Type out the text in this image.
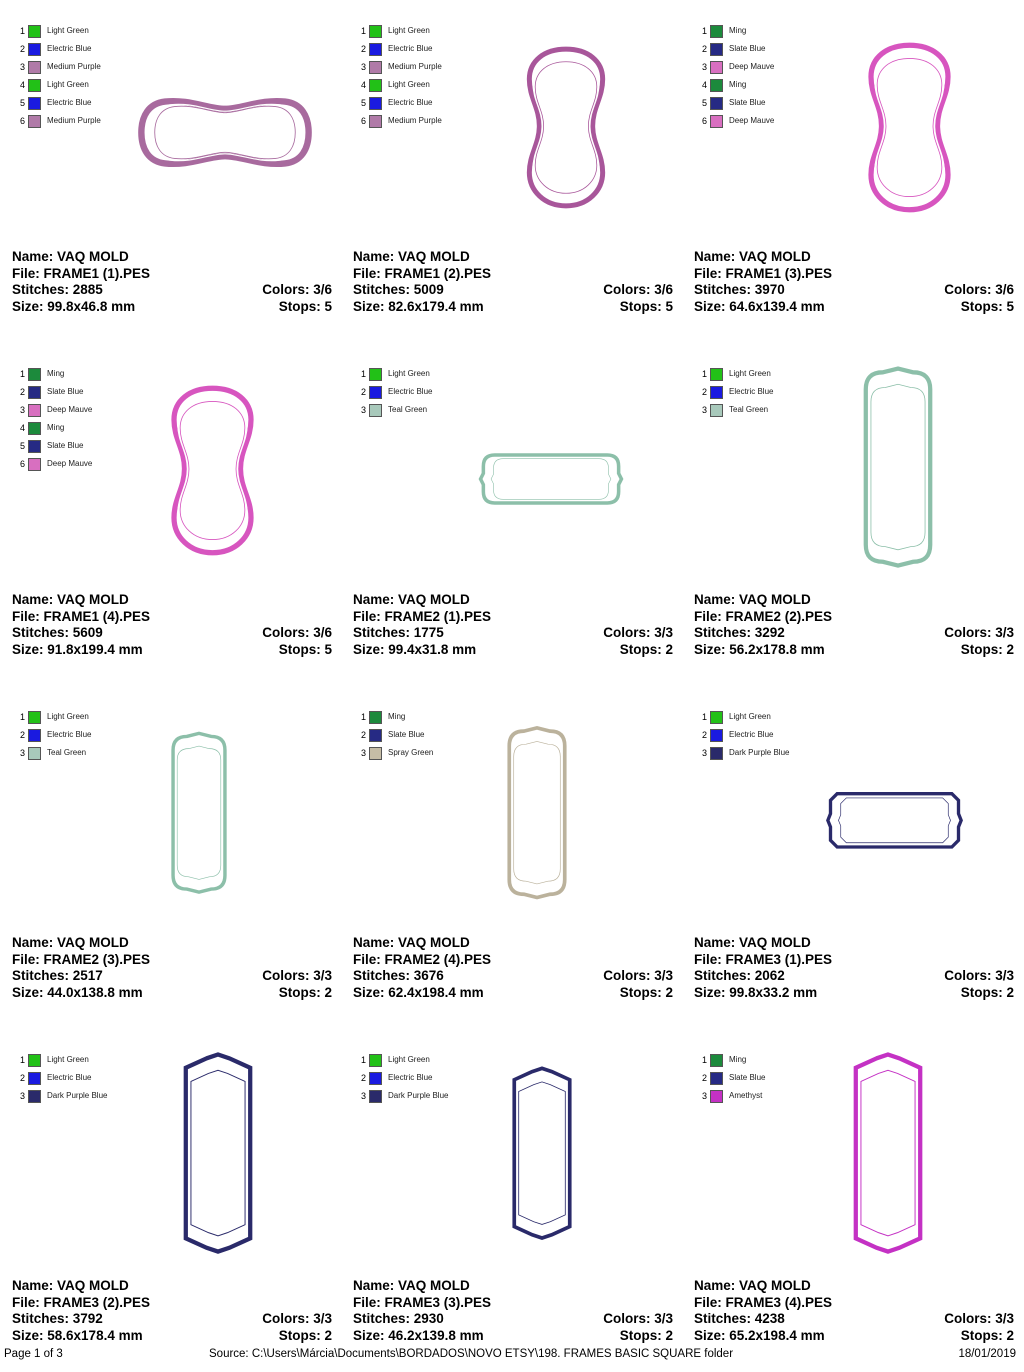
1	Light Green
2	Electric Blue
3	Medium Purple
4	Light Green
5	Electric Blue
6	Medium Purple
Name: VAQ MOLD
File: FRAME1 (1).PES
Stitches: 2885	Colors: 3/6
Size: 99.8x46.8 mm	Stops: 5
1	Light Green
2	Electric Blue
3	Medium Purple
4	Light Green
5	Electric Blue
6	Medium Purple
Name: VAQ MOLD
File: FRAME1 (2).PES
Stitches: 5009	Colors: 3/6
Size: 82.6x179.4 mm	Stops: 5
1	Ming
2	Slate Blue
3	Deep Mauve
4	Ming
5	Slate Blue
6	Deep Mauve
Name: VAQ MOLD
File: FRAME1 (3).PES
Stitches: 3970	Colors: 3/6
Size: 64.6x139.4 mm	Stops: 5
1	Ming
2	Slate Blue
3	Deep Mauve
4	Ming
5	Slate Blue
6	Deep Mauve
Name: VAQ MOLD
File: FRAME1 (4).PES
Stitches: 5609	Colors: 3/6
Size: 91.8x199.4 mm	Stops: 5
1	Light Green
2	Electric Blue
3	Teal Green
Name: VAQ MOLD
File: FRAME2 (1).PES
Stitches: 1775	Colors: 3/3
Size: 99.4x31.8 mm	Stops: 2
1	Light Green
2	Electric Blue
3	Teal Green
Name: VAQ MOLD
File: FRAME2 (2).PES
Stitches: 3292	Colors: 3/3
Size: 56.2x178.8 mm	Stops: 2
1	Light Green
2	Electric Blue
3	Teal Green
Name: VAQ MOLD
File: FRAME2 (3).PES
Stitches: 2517	Colors: 3/3
Size: 44.0x138.8 mm	Stops: 2
1	Ming
2	Slate Blue
3	Spray Green
Name: VAQ MOLD
File: FRAME2 (4).PES
Stitches: 3676	Colors: 3/3
Size: 62.4x198.4 mm	Stops: 2
1	Light Green
2	Electric Blue
3	Dark Purple Blue
Name: VAQ MOLD
File: FRAME3 (1).PES
Stitches: 2062	Colors: 3/3
Size: 99.8x33.2 mm	Stops: 2
1	Light Green
2	Electric Blue
3	Dark Purple Blue
Name: VAQ MOLD
File: FRAME3 (2).PES
Stitches: 3792	Colors: 3/3
Size: 58.6x178.4 mm	Stops: 2
1	Light Green
2	Electric Blue
3	Dark Purple Blue
Name: VAQ MOLD
File: FRAME3 (3).PES
Stitches: 2930	Colors: 3/3
Size: 46.2x139.8 mm	Stops: 2
1	Ming
2	Slate Blue
3	Amethyst
Name: VAQ MOLD
File: FRAME3 (4).PES
Stitches: 4238	Colors: 3/3
Size: 65.2x198.4 mm	Stops: 2
Page 1 of 3	Source: C:\Users\Márcia\Documents\BORDADOS\NOVO ETSY\198. FRAMES BASIC SQUARE folder	18/01/2019
